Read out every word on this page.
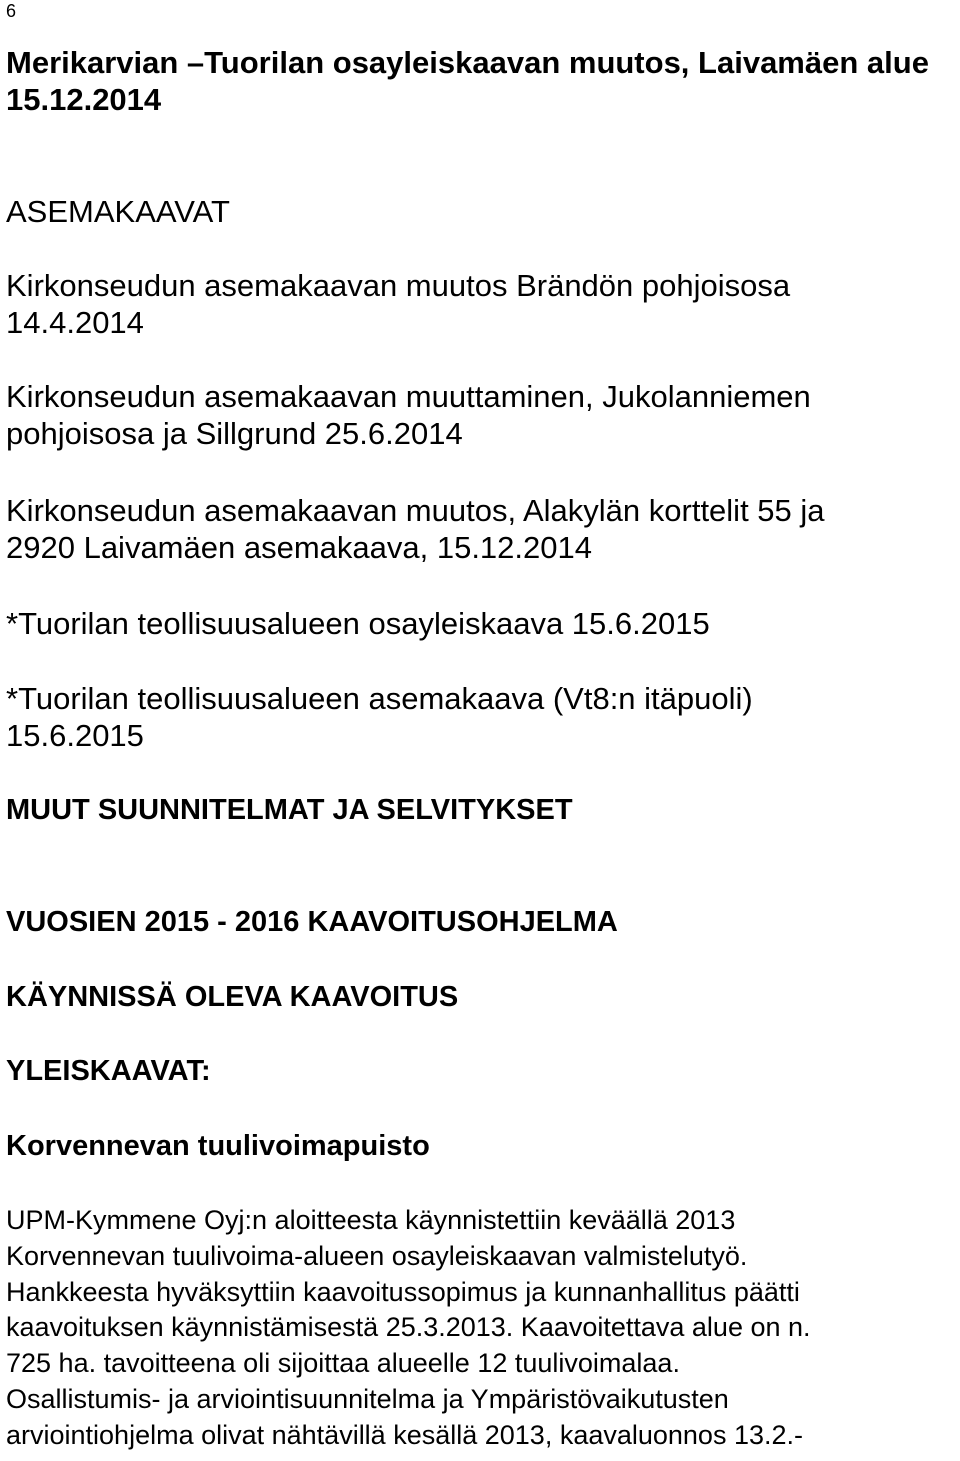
6
Merikarvian –Tuorilan osayleiskaavan muutos, Laivamäen alue
15.12.2014
ASEMAKAAVAT
Kirkonseudun asemakaavan muutos Brändön pohjoisosa
14.4.2014
Kirkonseudun asemakaavan muuttaminen, Jukolanniemen
pohjoisosa ja Sillgrund 25.6.2014
Kirkonseudun asemakaavan muutos, Alakylän korttelit 55 ja
2920 Laivamäen asemakaava, 15.12.2014
*Tuorilan teollisuusalueen osayleiskaava 15.6.2015
*Tuorilan teollisuusalueen asemakaava (Vt8:n itäpuoli)
15.6.2015
MUUT SUUNNITELMAT JA SELVITYKSET
VUOSIEN 2015 - 2016 KAAVOITUSOHJELMA
KÄYNNISSÄ OLEVA KAAVOITUS
YLEISKAAVAT:
Korvennevan tuulivoimapuisto
UPM-Kymmene Oyj:n aloitteesta käynnistettiin keväällä 2013
Korvennevan tuulivoima-alueen osayleiskaavan valmistelutyö.
Hankkeesta hyväksyttiin kaavoitussopimus ja kunnanhallitus päätti
kaavoituksen käynnistämisestä 25.3.2013. Kaavoitettava alue on n.
725 ha. tavoitteena oli sijoittaa alueelle 12 tuulivoimalaa.
Osallistumis- ja arviointisuunnitelma ja Ympäristövaikutusten
arviointiohjelma olivat nähtävillä kesällä 2013, kaavaluonnos 13.2.-
